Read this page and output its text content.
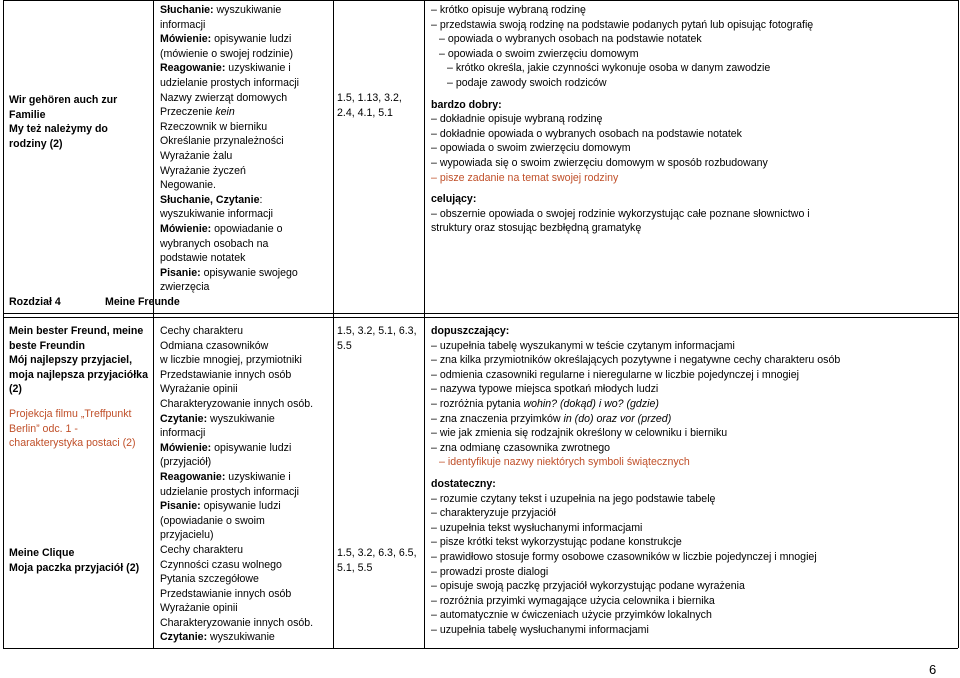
Wir gehören auch zur
Familie
My też należymy do
rodziny (2)
Rozdział 4	Meine Freunde
Słuchanie: wyszukiwanie
informacji
Mówienie: opisywanie ludzi
(mówienie o swojej rodzinie)
Reagowanie: uzyskiwanie i
udzielanie prostych informacji
Nazwy zwierząt domowych
Przeczenie kein
Rzeczownik w bierniku
Określanie przynależności
Wyrażanie żalu
Wyrażanie życzeń
Negowanie.
Słuchanie, Czytanie:
wyszukiwanie informacji
Mówienie: opowiadanie o
wybranych osobach na
podstawie notatek
Pisanie: opisywanie swojego
zwierzęcia
1.5, 1.13, 3.2,
2.4, 4.1, 5.1
– krótko opisuje wybraną rodzinę
– przedstawia swoją rodzinę na podstawie podanych pytań lub opisując fotografię
– opowiada o wybranych osobach na podstawie notatek
– opowiada o swoim zwierzęciu domowym
– krótko określa, jakie czynności wykonuje osoba w danym zawodzie
– podaje zawody swoich rodziców
bardzo dobry:
– dokładnie opisuje wybraną rodzinę
– dokładnie opowiada o wybranych osobach na podstawie notatek
– opowiada o swoim zwierzęciu domowym
– wypowiada się o swoim zwierzęciu domowym w sposób rozbudowany
– pisze zadanie na temat swojej rodziny
celujący:
– obszernie opowiada o swojej rodzinie wykorzystując całe poznane słownictwo i
struktury oraz stosując bezbłędną gramatykę
Mein bester Freund, meine
beste Freundin
Mój najlepszy przyjaciel,
moja najlepsza przyjaciółka
(2)
Projekcja filmu „Treffpunkt
Berlin” odc. 1 -
charakterystyka postaci (2)
Meine Clique
Moja paczka przyjaciół (2)
Cechy charakteru
Odmiana czasowników
w liczbie mnogiej, przymiotniki
Przedstawianie innych osób
Wyrażanie opinii
Charakteryzowanie innych osób.
Czytanie: wyszukiwanie
informacji
Mówienie: opisywanie ludzi
(przyjaciół)
Reagowanie: uzyskiwanie i
udzielanie prostych informacji
Pisanie: opisywanie ludzi
(opowiadanie o swoim
przyjacielu)
Cechy charakteru
Czynności czasu wolnego
Pytania szczegółowe
Przedstawianie innych osób
Wyrażanie opinii
Charakteryzowanie innych osób.
Czytanie: wyszukiwanie
1.5, 3.2, 5.1, 6.3,
5.5
1.5, 3.2, 6.3, 6.5,
5.1, 5.5
dopuszczający:
– uzupełnia tabelę wyszukanymi w teście czytanym informacjami
– zna kilka przymiotników określających pozytywne i negatywne cechy charakteru osób
– odmienia czasowniki regularne i nieregularne w liczbie pojedynczej i mnogiej
– nazywa typowe miejsca spotkań młodych ludzi
– rozróżnia pytania wohin? (dokąd) i wo? (gdzie)
– zna znaczenia przyimków in (do) oraz vor (przed)
– wie jak zmienia się rodzajnik określony w celowniku i bierniku
– zna odmianę czasownika zwrotnego
– identyfikuje nazwy niektórych symboli świątecznych
dostateczny:
– rozumie czytany tekst i uzupełnia na jego podstawie tabelę
– charakteryzuje przyjaciół
– uzupełnia tekst wysłuchanymi informacjami
– pisze krótki tekst wykorzystując podane konstrukcje
– prawidłowo stosuje formy osobowe czasowników w liczbie pojedynczej i mnogiej
– prowadzi proste dialogi
– opisuje swoją paczkę przyjaciół wykorzystując podane wyrażenia
– rozróżnia przyimki wymagające użycia celownika i biernika
– automatycznie w ćwiczeniach użycie przyimków lokalnych
– uzupełnia tabelę wysłuchanymi informacjami
6
